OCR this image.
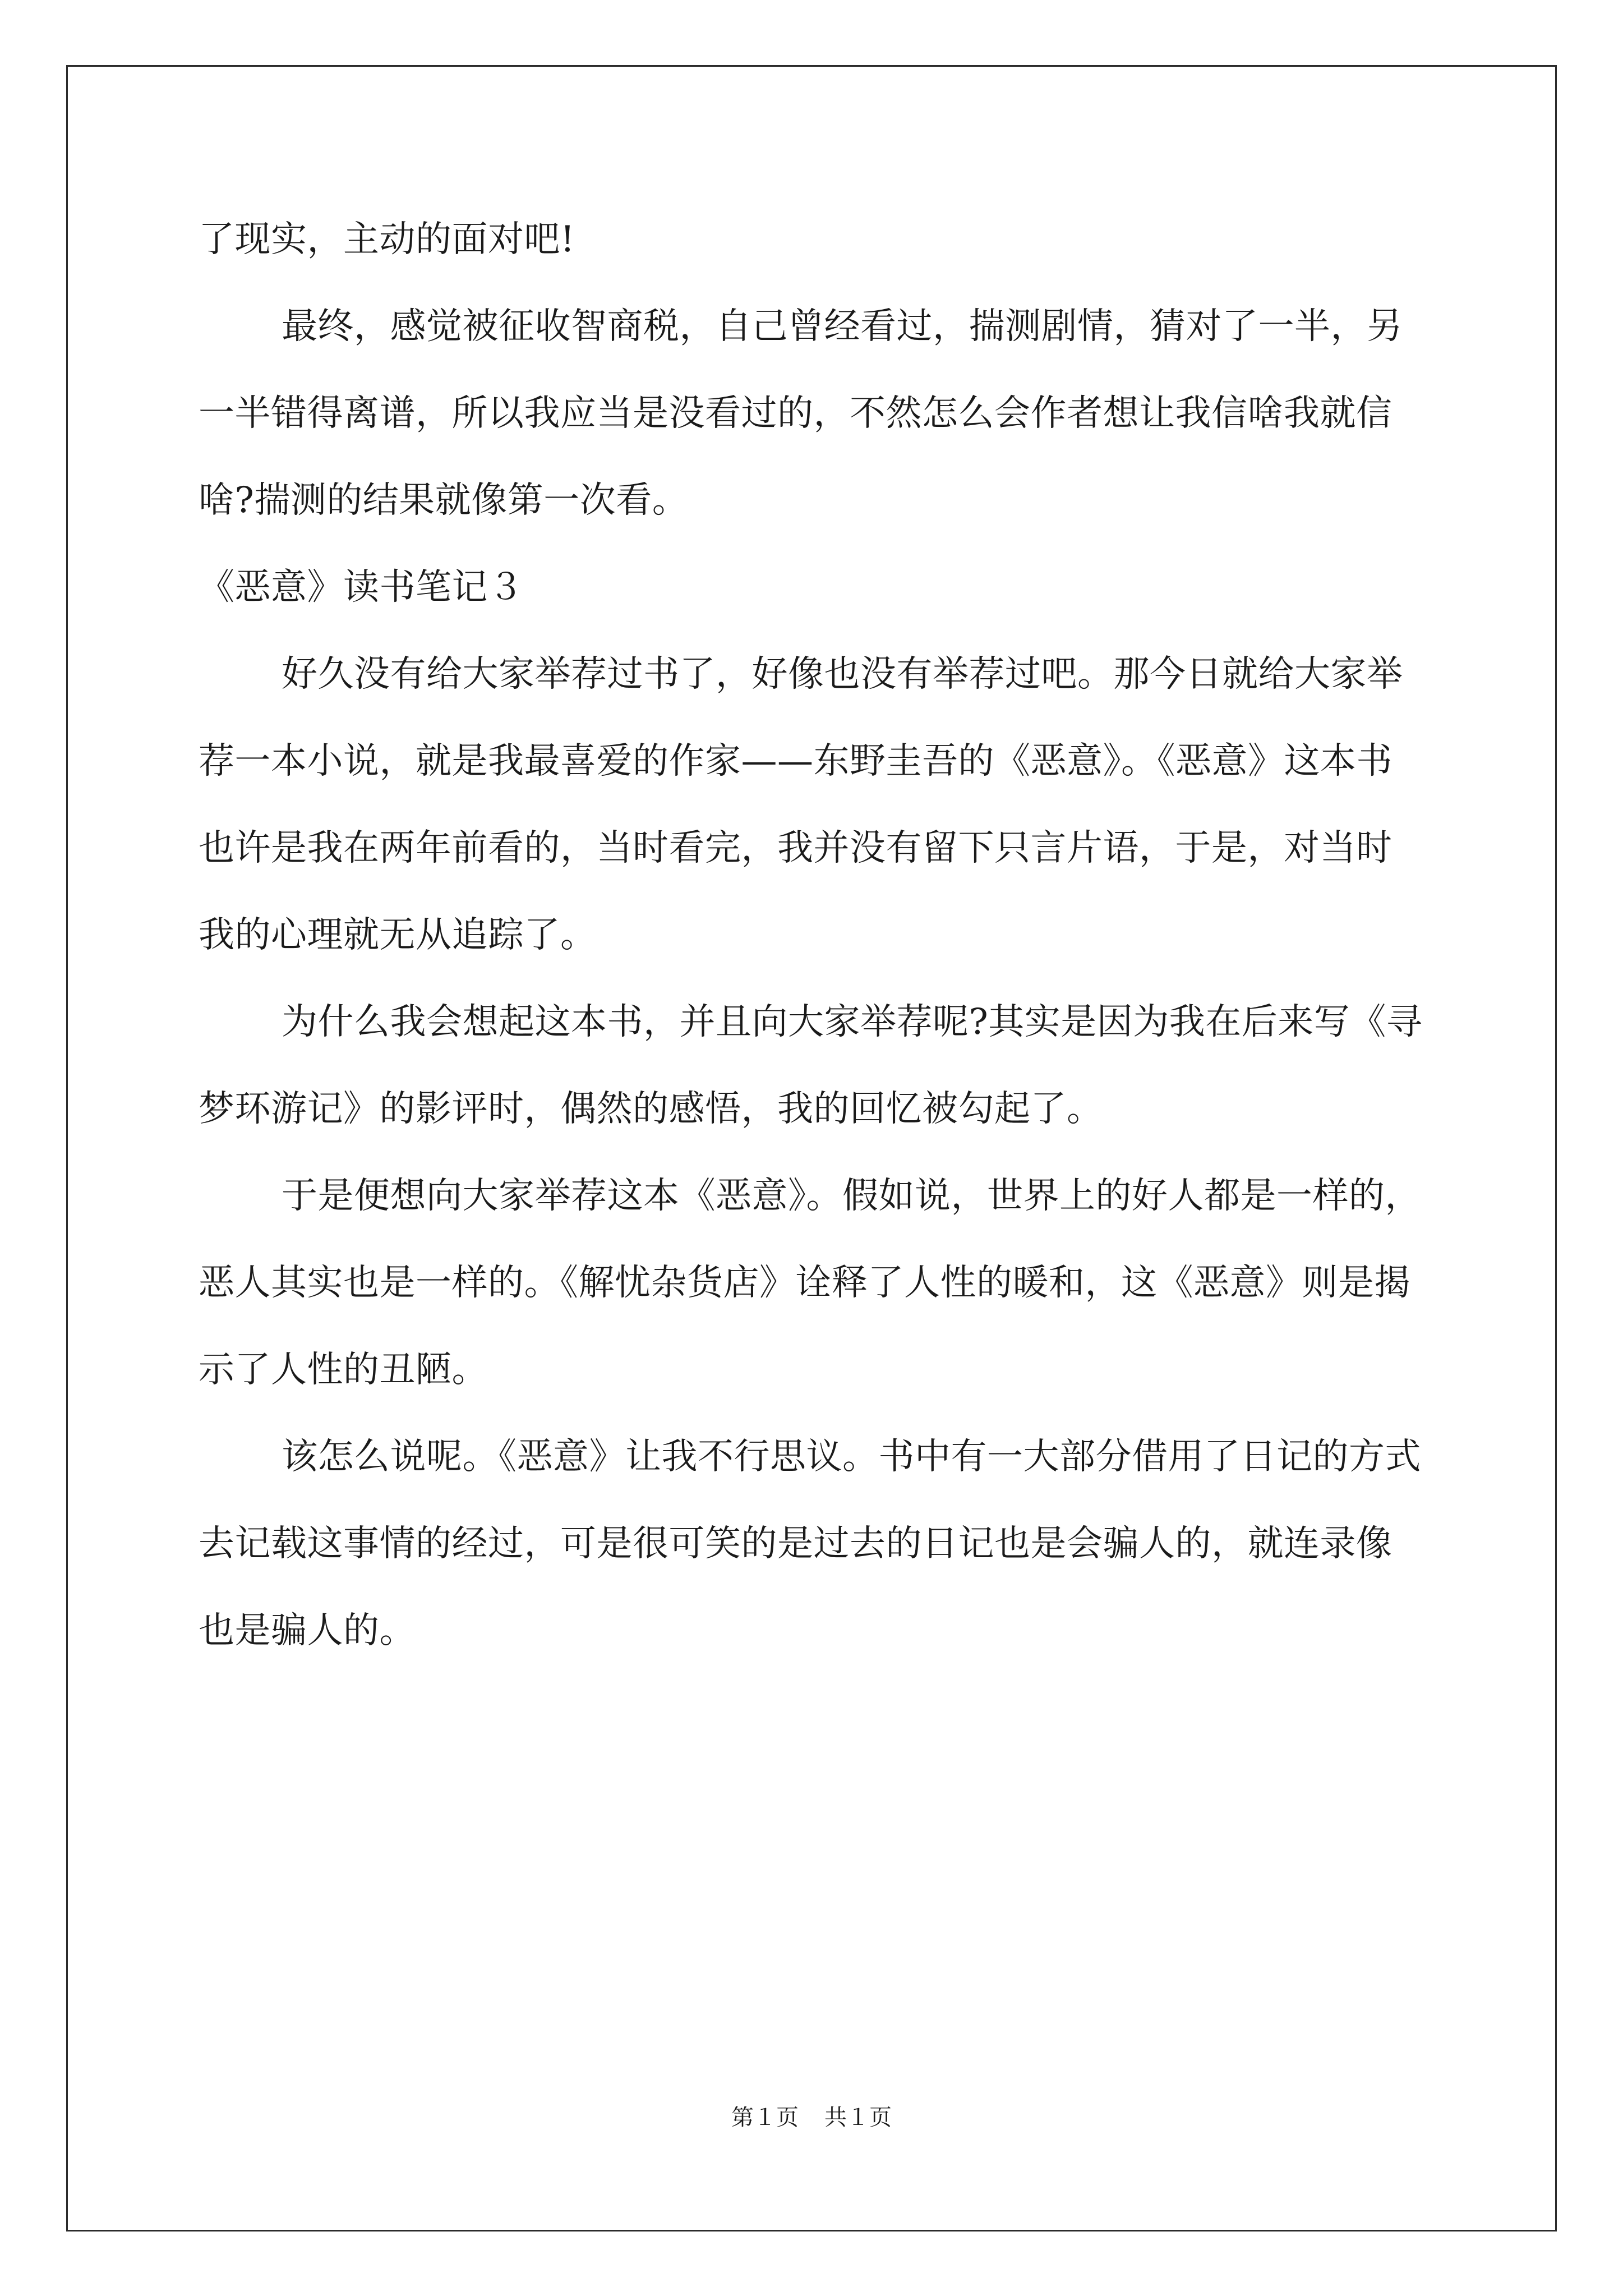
了现实，主动的面对吧!

最终，感觉被征收智商税，自己曾经看过，揣测剧情，猜对了一半，另一半错得离谱，所以我应当是没看过的，不然怎么会作者想让我信啥我就信啥?揣测的结果就像第一次看。

《恶意》读书笔记３

好久没有给大家举荐过书了，好像也没有举荐过吧。那今日就给大家举荐一本小说，就是我最喜爱的作家——东野圭吾的《恶意》。《恶意》这本书也许是我在两年前看的，当时看完，我并没有留下只言片语，于是，对当时我的心理就无从追踪了。

为什么我会想起这本书，并且向大家举荐呢?其实是因为我在后来写《寻梦环游记》的影评时，偶然的感悟，我的回忆被勾起了。

于是便想向大家举荐这本《恶意》。假如说，世界上的好人都是一样的，恶人其实也是一样的。《解忧杂货店》诠释了人性的暖和，这《恶意》则是揭示了人性的丑陋。

该怎么说呢。《恶意》让我不行思议。书中有一大部分借用了日记的方式去记载这事情的经过，可是很可笑的是过去的日记也是会骗人的，就连录像也是骗人的。

第１页 共１页
